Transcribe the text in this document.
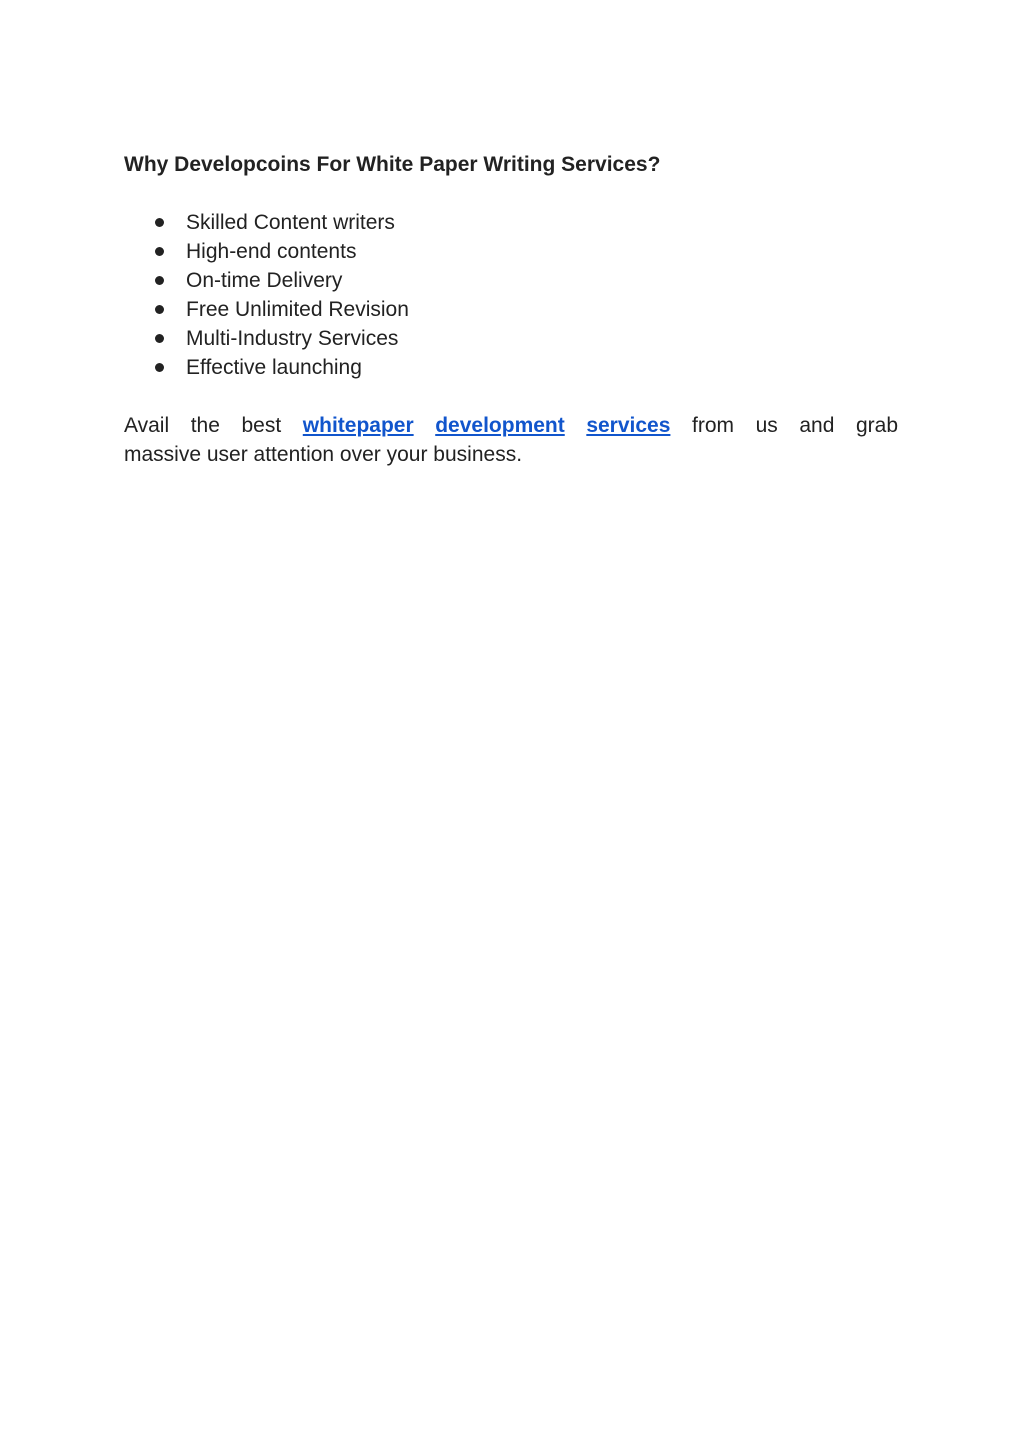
Why Developcoins For White Paper Writing Services?
Skilled Content writers
High-end contents
On-time Delivery
Free Unlimited Revision
Multi-Industry Services
Effective launching
Avail the best whitepaper development services from us and grab
massive user attention over your business.
